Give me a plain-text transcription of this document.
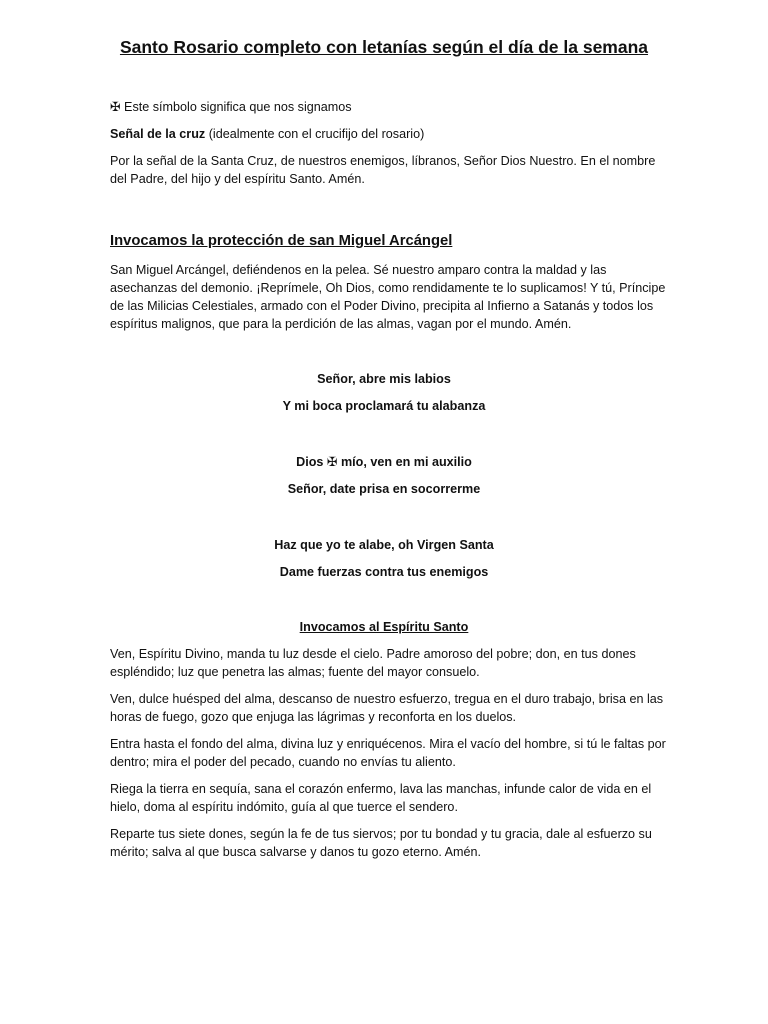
Santo Rosario completo con letanías según el día de la semana
✠ Este símbolo significa que nos signamos
Señal de la cruz (idealmente con el crucifijo del rosario)
Por la señal de la Santa Cruz, de nuestros enemigos, líbranos, Señor Dios Nuestro. En el nombre del Padre, del hijo y del espíritu Santo. Amén.
Invocamos la protección de san Miguel Arcángel
San Miguel Arcángel, defiéndenos en la pelea. Sé nuestro amparo contra la maldad y las asechanzas del demonio. ¡Reprímele, Oh Dios, como rendidamente te lo suplicamos! Y tú, Príncipe de las Milicias Celestiales, armado con el Poder Divino, precipita al Infierno a Satanás y todos los espíritus malignos, que para la perdición de las almas, vagan por el mundo. Amén.
Señor, abre mis labios
Y mi boca proclamará tu alabanza
Dios ✠ mío, ven en mi auxilio
Señor, date prisa en socorrerme
Haz que yo te alabe, oh Virgen Santa
Dame fuerzas contra tus enemigos
Invocamos al Espíritu Santo
Ven, Espíritu Divino, manda tu luz desde el cielo. Padre amoroso del pobre; don, en tus dones espléndido; luz que penetra las almas; fuente del mayor consuelo.
Ven, dulce huésped del alma, descanso de nuestro esfuerzo, tregua en el duro trabajo, brisa en las horas de fuego, gozo que enjuga las lágrimas y reconforta en los duelos.
Entra hasta el fondo del alma, divina luz y enriquécenos. Mira el vacío del hombre, si tú le faltas por dentro; mira el poder del pecado, cuando no envías tu aliento.
Riega la tierra en sequía, sana el corazón enfermo, lava las manchas, infunde calor de vida en el hielo, doma al espíritu indómito, guía al que tuerce el sendero.
Reparte tus siete dones, según la fe de tus siervos; por tu bondad y tu gracia, dale al esfuerzo su mérito; salva al que busca salvarse y danos tu gozo eterno. Amén.
